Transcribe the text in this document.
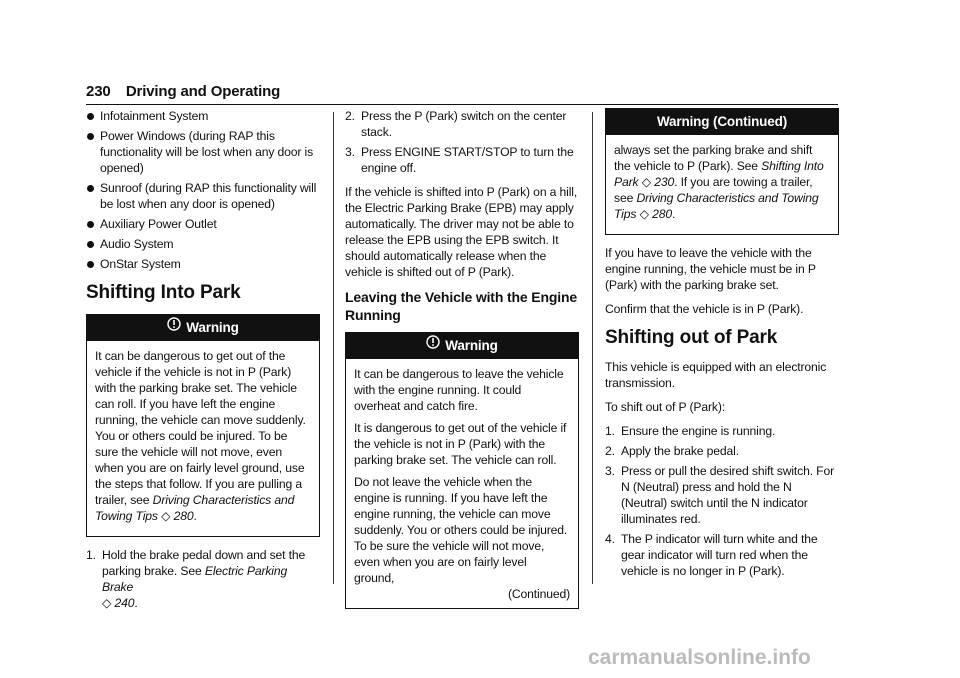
230 Driving and Operating
Infotainment System
Power Windows (during RAP this functionality will be lost when any door is opened)
Sunroof (during RAP this functionality will be lost when any door is opened)
Auxiliary Power Outlet
Audio System
OnStar System
Shifting Into Park
Warning

It can be dangerous to get out of the vehicle if the vehicle is not in P (Park) with the parking brake set. The vehicle can roll. If you have left the engine running, the vehicle can move suddenly. You or others could be injured. To be sure the vehicle will not move, even when you are on fairly level ground, use the steps that follow. If you are pulling a trailer, see Driving Characteristics and Towing Tips ◇ 280.

1. Hold the brake pedal down and set the parking brake. See Electric Parking Brake
◇ 240.
2. Press the P (Park) switch on the center stack.
3. Press ENGINE START/STOP to turn the engine off.

If the vehicle is shifted into P (Park) on a hill, the Electric Parking Brake (EPB) may apply automatically. The driver may not be able to release the EPB using the EPB switch. It should automatically release when the vehicle is shifted out of P (Park).

Leaving the Vehicle with the Engine Running
Warning

It can be dangerous to leave the vehicle with the engine running. It could overheat and catch fire.

It is dangerous to get out of the vehicle if the vehicle is not in P (Park) with the parking brake set. The vehicle can roll.

Do not leave the vehicle when the engine is running. If you have left the engine running, the vehicle can move suddenly. You or others could be injured. To be sure the vehicle will not move, even when you are on fairly level ground,

(Continued)
Warning (Continued)

always set the parking brake and shift the vehicle to P (Park). See Shifting Into Park ◇ 230. If you are towing a trailer, see Driving Characteristics and Towing Tips ◇ 280.

If you have to leave the vehicle with the engine running, the vehicle must be in P (Park) with the parking brake set.

Confirm that the vehicle is in P (Park).

Shifting out of Park

This vehicle is equipped with an electronic transmission.

To shift out of P (Park):

1. Ensure the engine is running.
2. Apply the brake pedal.
3. Press or pull the desired shift switch. For N (Neutral) press and hold the N (Neutral) switch until the N indicator illuminates red.
4. The P indicator will turn white and the gear indicator will turn red when the vehicle is no longer in P (Park).
carmanualsonline.info
